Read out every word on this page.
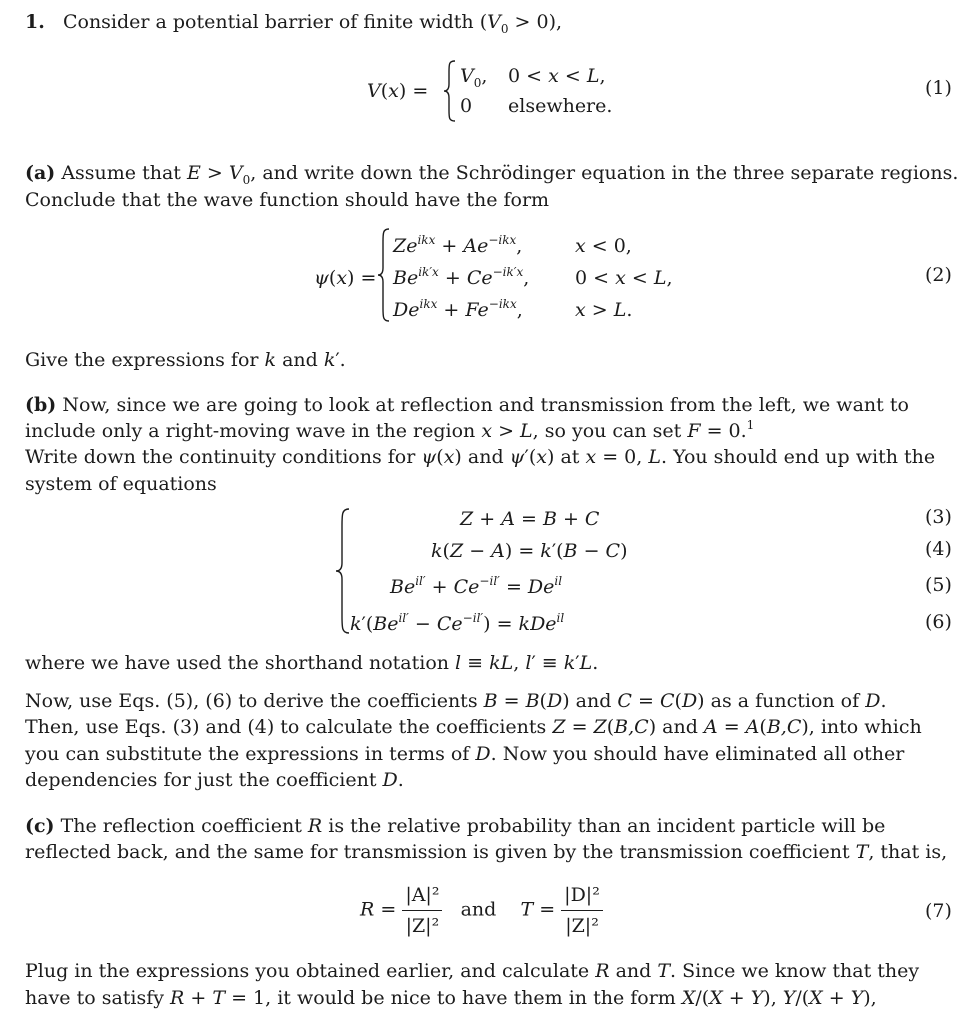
1.   Consider a potential barrier of finite width $(V_0 > 0)$,
V(x) =
$V_0$, 0 < x < L,
0 elsewhere.
(1)
(a) Assume that $E > V_0$, and write down the Schrödinger equation in the three separate regions.
Conclude that the wave function should have the form
ψ(x) =
$Ze^{ikx} + Ae^{-ikx}$,	x < 0,
$Be^{ik'x} + Ce^{-ik'x}$, 0 < x < L,
$De^{ikx} + Fe^{-ikx}$,	x > L.
(2)
Give the expressions for k and k′.
(b) Now, since we are going to look at reflection and transmission from the left, we want to
include only a right-moving wave in the region x > L, so you can set F = 0.$^1$
Write down the continuity conditions for ψ(x) and ψ′(x) at x = 0, L. You should end up with the
system of equations
Z + A = B + C
k(Z − A) = k′(B − C)
$Be^{il'} + Ce^{-il'} = De^{il}$
$k'(Be^{il'} - Ce^{-il'}) = kDe^{il}$
(3)
(4)
(5)
(6)
where we have used the shorthand notation l ≡ kL, l′ ≡ k′L.
Now, use Eqs. (5), (6) to derive the coefficients B = B(D) and C = C(D) as a function of D.
Then, use Eqs. (3) and (4) to calculate the coefficients Z = Z(B,C) and A = A(B,C), into which
you can substitute the expressions in terms of D. Now you should have eliminated all other
dependencies for just the coefficient D.
(c) The reflection coefficient R is the relative probability than an incident particle will be
reflected back, and the same for transmission is given by the transmission coefficient T, that is,
$R = \frac{\text{|A|²}}{\text{|Z|²}}$ and $T = \frac{\text{|D|²}}{\text{|Z|²}}$	(7)
Plug in the expressions you obtained earlier, and calculate R and T. Since we know that they
have to satisfy R + T = 1, it would be nice to have them in the form X/(X + Y), Y/(X + Y),
